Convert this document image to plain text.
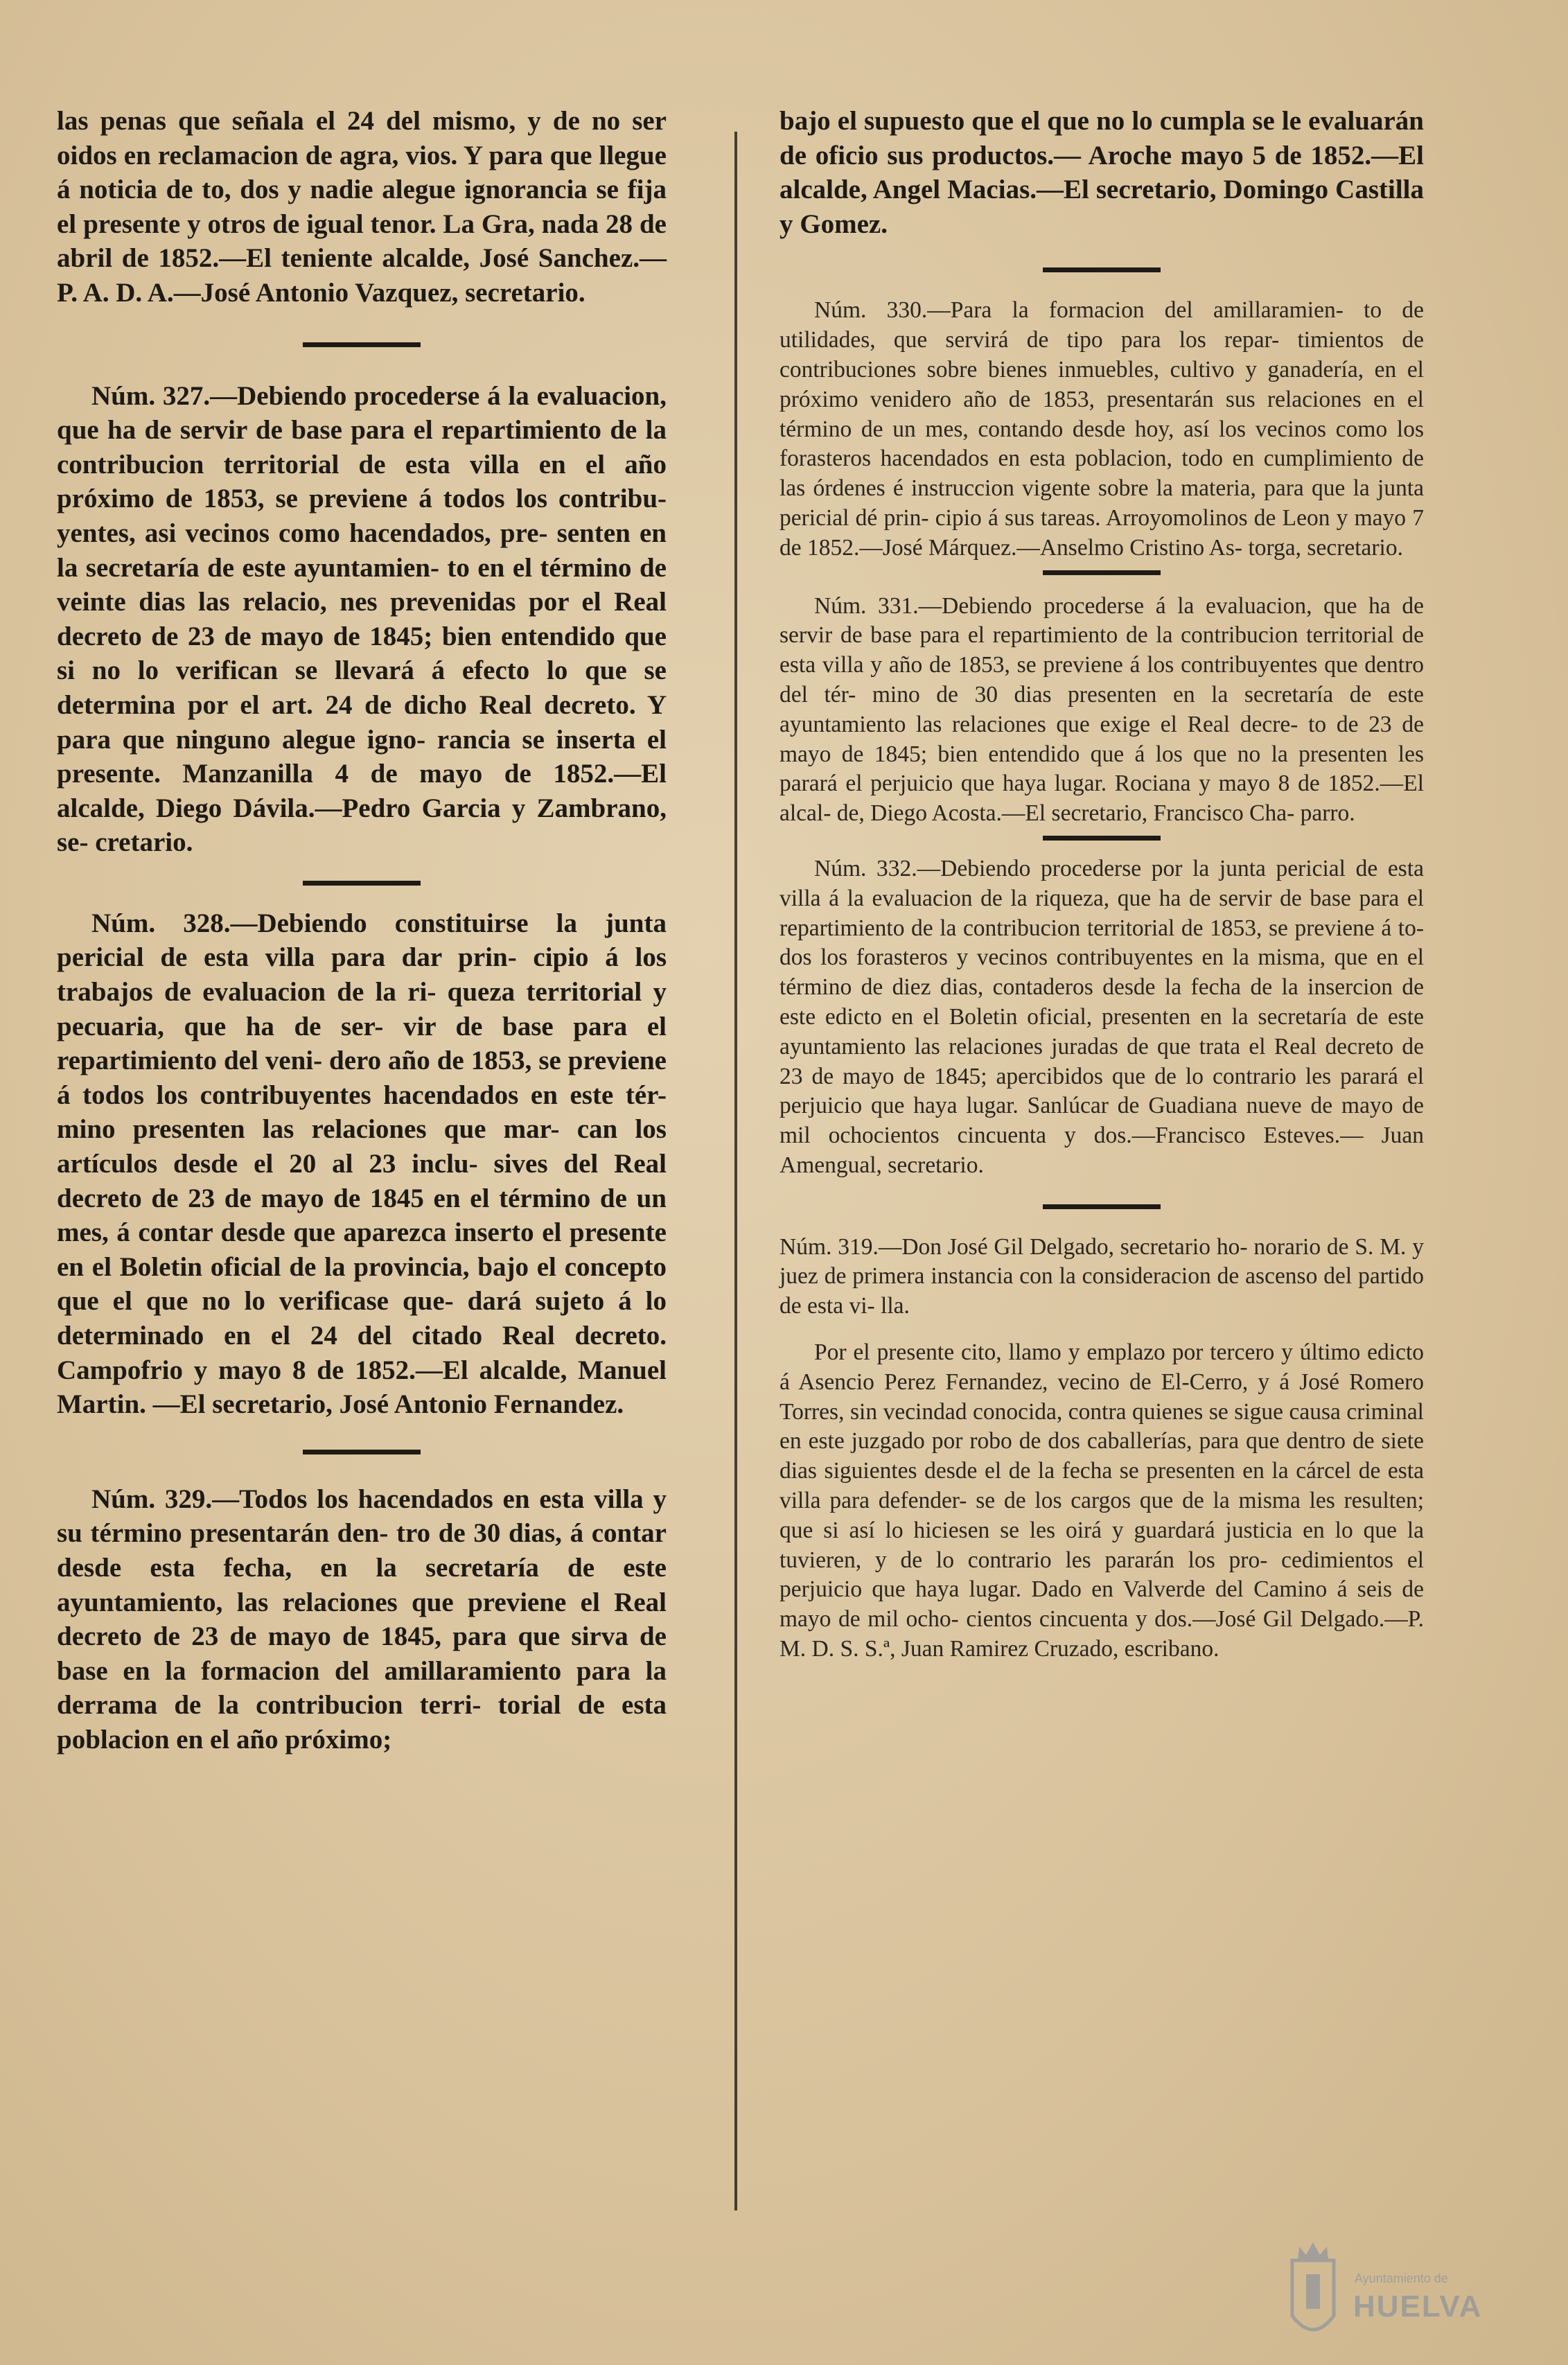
las penas que señala el 24 del mismo, y de no ser oidos en reclamacion de agra, vios. Y para que llegue á noticia de to, dos y nadie alegue ignorancia se fija el presente y otros de igual tenor. La Gra, nada 28 de abril de 1852.—El teniente alcalde, José Sanchez.—P. A. D. A.—José Antonio Vazquez, secretario.

Núm. 327.—Debiendo procederse á la evaluacion, que ha de servir de base para el repartimiento de la contribucion territorial de esta villa en el año próximo de 1853, se previene á todos los contribu- yentes, asi vecinos como hacendados, pre- senten en la secretaría de este ayuntamien- to en el término de veinte dias las relacio, nes prevenidas por el Real decreto de 23 de mayo de 1845; bien entendido que si no lo verifican se llevará á efecto lo que se determina por el art. 24 de dicho Real decreto. Y para que ninguno alegue igno- rancia se inserta el presente. Manzanilla 4 de mayo de 1852.—El alcalde, Diego Dávila.—Pedro Garcia y Zambrano, se- cretario.

Núm. 328.—Debiendo constituirse la junta pericial de esta villa para dar prin- cipio á los trabajos de evaluacion de la ri- queza territorial y pecuaria, que ha de ser- vir de base para el repartimiento del veni- dero año de 1853, se previene á todos los contribuyentes hacendados en este tér- mino presenten las relaciones que mar- can los artículos desde el 20 al 23 inclu- sives del Real decreto de 23 de mayo de 1845 en el término de un mes, á contar desde que aparezca inserto el presente en el Boletin oficial de la provincia, bajo el concepto que el que no lo verificase que- dará sujeto á lo determinado en el 24 del citado Real decreto. Campofrio y mayo 8 de 1852.—El alcalde, Manuel Martin. —El secretario, José Antonio Fernandez.

Núm. 329.—Todos los hacendados en esta villa y su término presentarán den- tro de 30 dias, á contar desde esta fecha, en la secretaría de este ayuntamiento, las relaciones que previene el Real decreto de 23 de mayo de 1845, para que sirva de base en la formacion del amillaramiento para la derrama de la contribucion terri- torial de esta poblacion en el año próximo;

bajo el supuesto que el que no lo cumpla se le evaluarán de oficio sus productos.— Aroche mayo 5 de 1852.—El alcalde, Angel Macias.—El secretario, Domingo Castilla y Gomez.

Núm. 330.—Para la formacion del amillaramien- to de utilidades, que servirá de tipo para los repar- timientos de contribuciones sobre bienes inmuebles, cultivo y ganadería, en el próximo venidero año de 1853, presentarán sus relaciones en el término de un mes, contando desde hoy, así los vecinos como los forasteros hacendados en esta poblacion, todo en cumplimiento de las órdenes é instruccion vigente sobre la materia, para que la junta pericial dé prin- cipio á sus tareas. Arroyomolinos de Leon y mayo 7 de 1852.—José Márquez.—Anselmo Cristino As- torga, secretario.

Núm. 331.—Debiendo procederse á la evaluacion, que ha de servir de base para el repartimiento de la contribucion territorial de esta villa y año de 1853, se previene á los contribuyentes que dentro del tér- mino de 30 dias presenten en la secretaría de este ayuntamiento las relaciones que exige el Real decre- to de 23 de mayo de 1845; bien entendido que á los que no la presenten les parará el perjuicio que haya lugar. Rociana y mayo 8 de 1852.—El alcal- de, Diego Acosta.—El secretario, Francisco Cha- parro.

Núm. 332.—Debiendo procederse por la junta pericial de esta villa á la evaluacion de la riqueza, que ha de servir de base para el repartimiento de la contribucion territorial de 1853, se previene á to- dos los forasteros y vecinos contribuyentes en la misma, que en el término de diez dias, contaderos desde la fecha de la insercion de este edicto en el Boletin oficial, presenten en la secretaría de este ayuntamiento las relaciones juradas de que trata el Real decreto de 23 de mayo de 1845; apercibidos que de lo contrario les parará el perjuicio que haya lugar. Sanlúcar de Guadiana nueve de mayo de mil ochocientos cincuenta y dos.—Francisco Esteves.— Juan Amengual, secretario.

Núm. 319.—Don José Gil Delgado, secretario ho- norario de S. M. y juez de primera instancia con la consideracion de ascenso del partido de esta vi- lla.

Por el presente cito, llamo y emplazo por tercero y último edicto á Asencio Perez Fernandez, vecino de El-Cerro, y á José Romero Torres, sin vecindad conocida, contra quienes se sigue causa criminal en este juzgado por robo de dos caballerías, para que dentro de siete dias siguientes desde el de la fecha se presenten en la cárcel de esta villa para defender- se de los cargos que de la misma les resulten; que si así lo hiciesen se les oirá y guardará justicia en lo que la tuvieren, y de lo contrario les pararán los pro- cedimientos el perjuicio que haya lugar. Dado en Valverde del Camino á seis de mayo de mil ocho- cientos cincuenta y dos.—José Gil Delgado.—P. M. D. S. S.ª, Juan Ramirez Cruzado, escribano.

Ayuntamiento de
HUELVA
